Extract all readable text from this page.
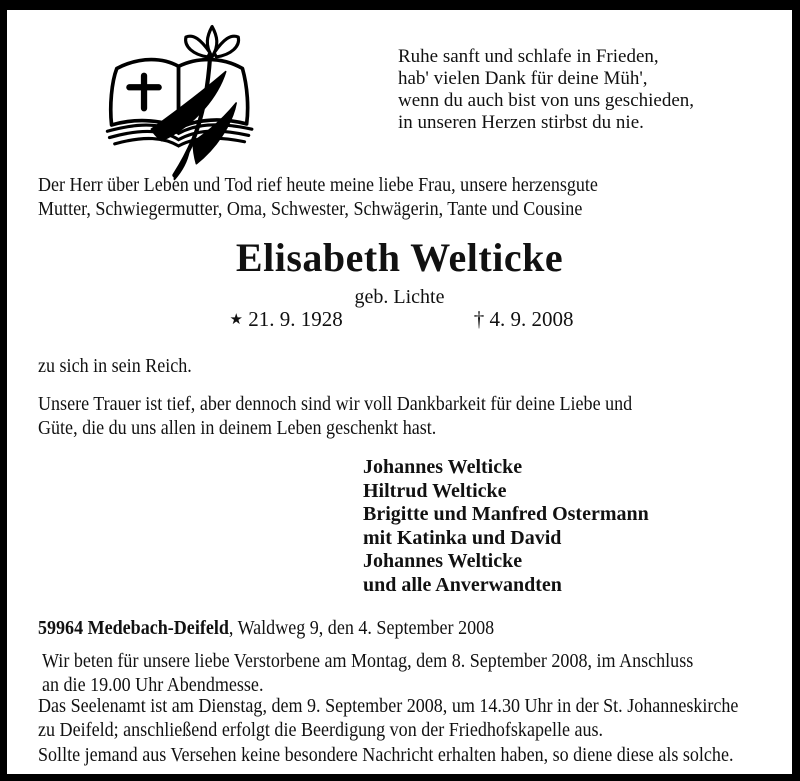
Ruhe sanft und schlafe in Frieden,
hab' vielen Dank für deine Müh',
wenn du auch bist von uns geschieden,
in unseren Herzen stirbst du nie.
Der Herr über Leben und Tod rief heute meine liebe Frau, unsere herzensgute
Mutter, Schwiegermutter, Oma, Schwester, Schwägerin, Tante und Cousine
Elisabeth Welticke
geb. Lichte
★ 21. 9. 1928	† 4. 9. 2008
zu sich in sein Reich.
Unsere Trauer ist tief, aber dennoch sind wir voll Dankbarkeit für deine Liebe und
Güte, die du uns allen in deinem Leben geschenkt hast.
Johannes Welticke
Hiltrud Welticke
Brigitte und Manfred Ostermann
mit Katinka und David
Johannes Welticke
und alle Anverwandten
59964 Medebach-Deifeld, Waldweg 9, den 4. September 2008
Wir beten für unsere liebe Verstorbene am Montag, dem 8. September 2008, im Anschluss
an die 19.00 Uhr Abendmesse.
Das Seelenamt ist am Dienstag, dem 9. September 2008, um 14.30 Uhr in der St. Johanneskirche
zu Deifeld; anschließend erfolgt die Beerdigung von der Friedhofskapelle aus.
Sollte jemand aus Versehen keine besondere Nachricht erhalten haben, so diene diese als solche.
